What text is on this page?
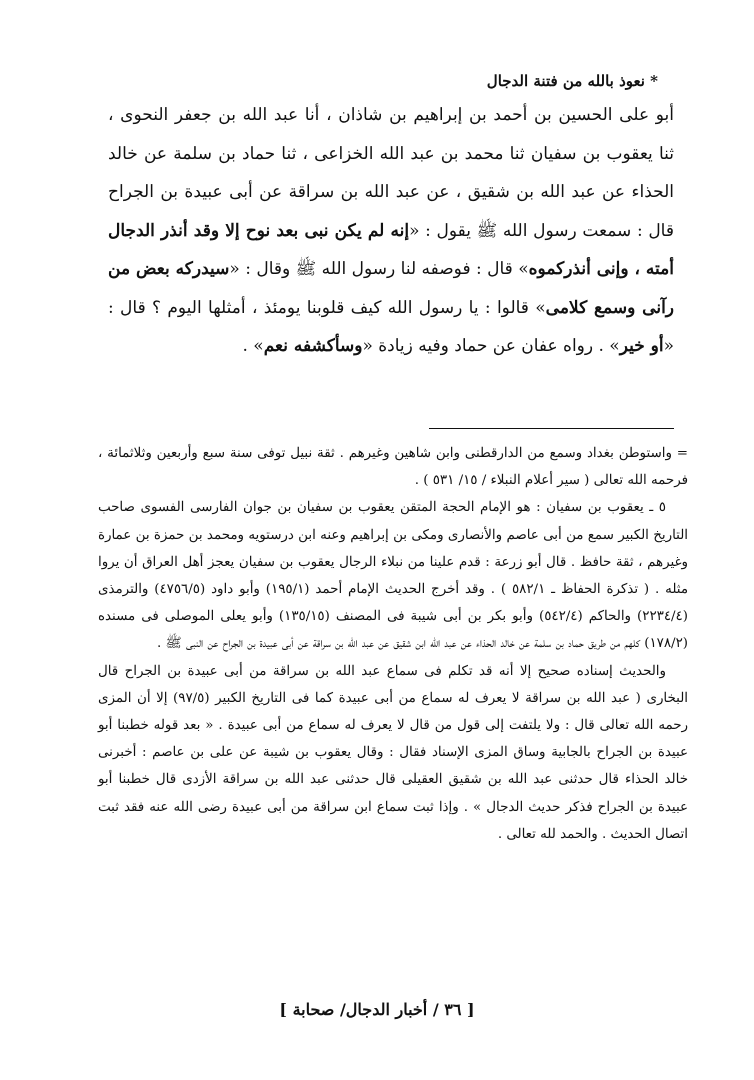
* نعوذ بالله من فتنة الدجال

أبو على الحسين بن أحمد بن إبراهيم بن شاذان ، أنا عبد الله بن جعفر النحوى ، ثنا يعقوب بن سفيان ثنا محمد بن عبد الله الخزاعى ، ثنا حماد بن سلمة عن خالد الحذاء عن عبد الله بن شقيق ، عن عبد الله بن سراقة عن أبى عبيدة بن الجراح قال : سمعت رسول الله ﷺ يقول : «إنه لم يكن نبى بعد نوح إلا وقد أنذر الدجال أمته ، وإنى أنذركموه» قال : فوصفه لنا رسول الله ﷺ وقال : «سيدركه بعض من رآنى وسمع كلامى» قالوا : يا رسول الله كيف قلوبنا يومئذ ، أمثلها اليوم ؟ قال : «أو خير» . رواه عفان عن حماد وفيه زيادة «وسأكشفه نعم» .

= واستوطن بغداد وسمع من الدارقطنى وابن شاهين وغيرهم . ثقة نبيل توفى سنة سبع وأربعين وثلاثمائة ، فرحمه الله تعالى ( سير أعلام النبلاء / ١٥/ ٥٣١ ) .

٥ ـ يعقوب بن سفيان : هو الإمام الحجة المتقن يعقوب بن سفيان بن جوان الفارسى الفسوى صاحب التاريخ الكبير سمع من أبى عاصم والأنصارى ومكى بن إبراهيم وعنه ابن درستويه ومحمد بن حمزة بن عمارة وغيرهم ، ثقة حافظ . قال أبو زرعة : قدم علينا من نبلاء الرجال يعقوب بن سفيان يعجز أهل العراق أن يروا مثله . ( تذكرة الحفاظ ـ ٥٨٢/١ ) . وقد أخرج الحديث الإمام أحمد (١٩٥/١) وأبو داود (٤٧٥٦/٥) والترمذى (٢٢٣٤/٤) والحاكم (٥٤٢/٤) وأبو بكر بن أبى شيبة فى المصنف (١٣٥/١٥) وأبو يعلى الموصلى فى مسنده (١٧٨/٢) كلهم من طريق حماد بن سلمة عن خالد الحذاء عن عبد الله ابن شقيق عن عبد الله بن سراقة عن أبى عبيدة بن الجراح عن النبى ﷺ .

والحديث إسناده صحيح إلا أنه قد تكلم فى سماع عبد الله بن سراقة من أبى عبيدة بن الجراح قال البخارى ( عبد الله بن سراقة لا يعرف له سماع من أبى عبيدة كما فى التاريخ الكبير (٩٧/٥) إلا أن المزى رحمه الله تعالى قال : ولا يلتفت إلى قول من قال لا يعرف له سماع من أبى عبيدة . « بعد قوله خطبنا أبو عبيدة بن الجراح بالجابية وساق المزى الإسناد فقال : وقال يعقوب بن شيبة عن على بن عاصم : أخبرنى خالد الحذاء قال حدثنى عبد الله بن شقيق العقيلى قال حدثنى عبد الله بن سراقة الأزدى قال خطبنا أبو عبيدة بن الجراح فذكر حديث الدجال » . وإذا ثبت سماع ابن سراقة من أبى عبيدة رضى الله عنه فقد ثبت اتصال الحديث . والحمد لله تعالى .

[ ٣٦ / أخبار الدجال/ صحابة ]
